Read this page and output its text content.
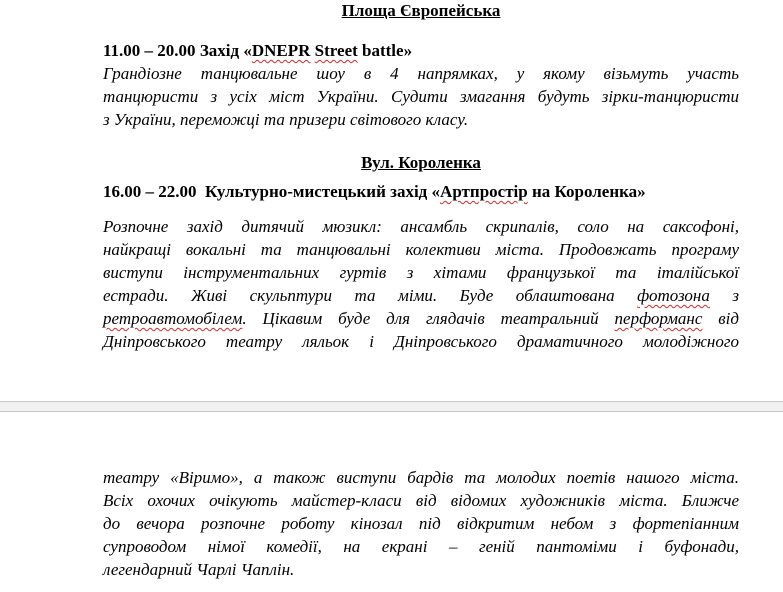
Площа Європейська

11.00 – 20.00 Захід «DNEPR Street battle»

Грандіозне танцювальне шоу в 4 напрямках, у якому візьмуть участь
танцюристи з усіх міст України. Судити змагання будуть зірки-танцюристи
з України, переможці та призери світового класу.

Вул. Короленка

16.00 – 22.00  Культурно-мистецький захід «Артпростір на Короленка»

Розпочне захід дитячий мюзикл: ансамбль скрипалів, соло на саксофоні,
найкращі вокальні та танцювальні колективи міста. Продовжать програму
виступи інструментальних гуртів з хітами французької та італійської
естради. Живі скульптури та міми. Буде облаштована фотозона з
ретроавтомобілем. Цікавим буде для глядачів театральний перформанс від
Дніпровського театру ляльок і Дніпровського драматичного молодіжного

театру «Віримо», а також виступи бардів та молодих поетів нашого міста.
Всіх охочих очікують майстер-класи від відомих художників міста. Ближче
до вечора розпочне роботу кінозал під відкритим небом з фортепіанним
супроводом німої комедії, на екрані – геній пантоміми і буфонади,
легендарний Чарлі Чаплін.
